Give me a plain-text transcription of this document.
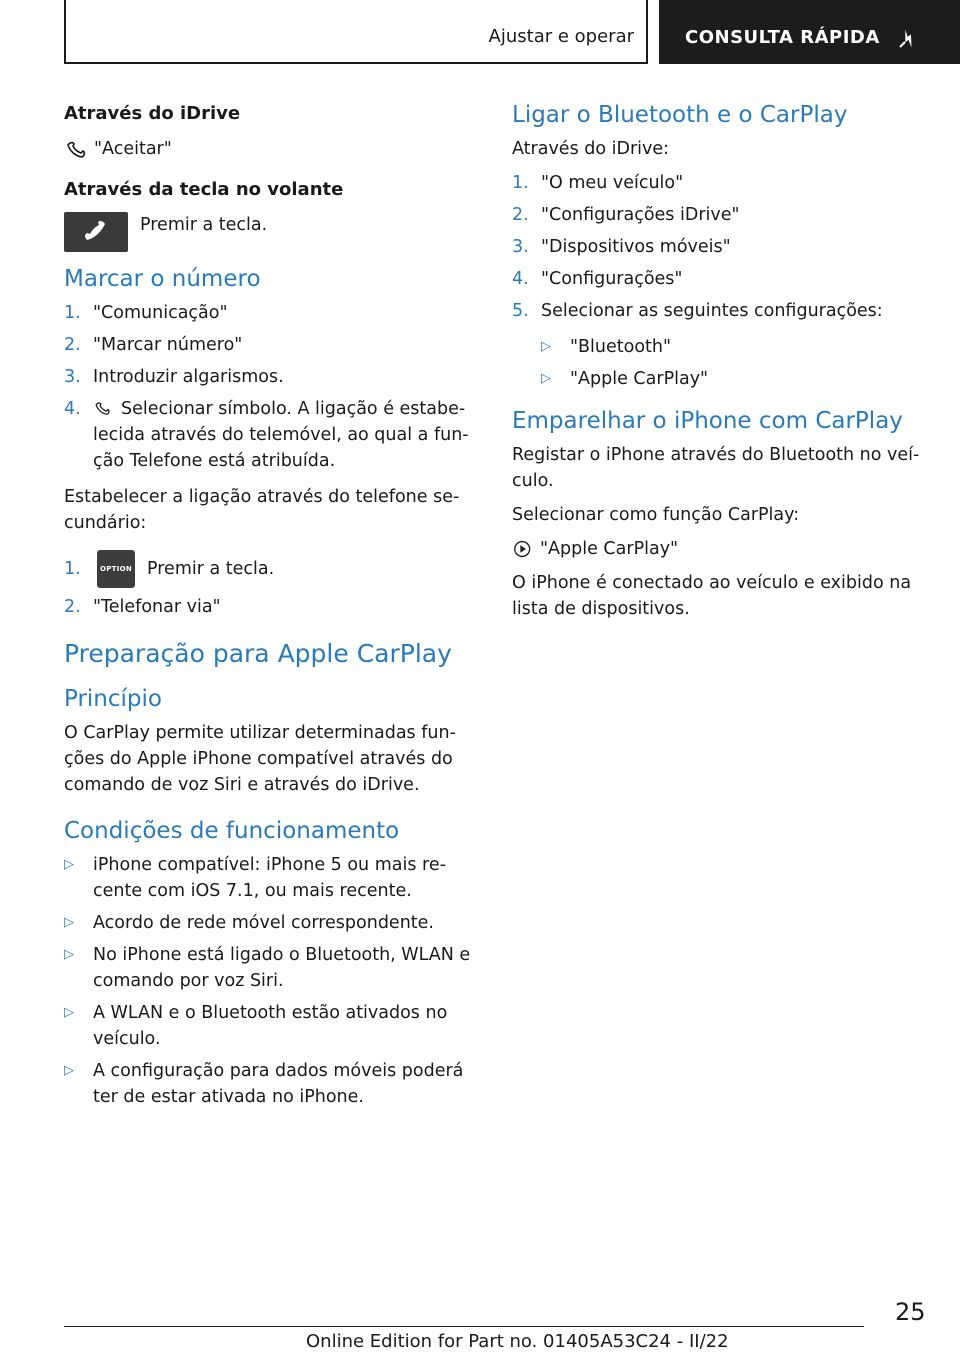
Ajustar e operar	CONSULTA RÁPIDA
Através do iDrive
"Aceitar"
Através da tecla no volante
Premir a tecla.
Marcar o número
1. "Comunicação"
2. "Marcar número"
3. Introduzir algarismos.
4.	Selecionar símbolo. A ligação é estabe- lecida através do telemóvel, ao qual a fun- ção Telefone está atribuída.

Estabelecer a ligação através do telefone se- cundário:

1.	OPTION Premir a tecla.
2. "Telefonar via"
Preparação para Apple CarPlay
Princípio

O CarPlay permite utilizar determinadas fun- ções do Apple iPhone compatível através do comando de voz Siri e através do iDrive.

Condições de funcionamento
▷	iPhone compatível: iPhone 5 ou mais re- cente com iOS 7.1, ou mais recente.
▷	Acordo de rede móvel correspondente.
▷	No iPhone está ligado o Bluetooth, WLAN e comando por voz Siri.
▷	A WLAN e o Bluetooth estão ativados no veículo.
▷	A configuração para dados móveis poderá ter de estar ativada no iPhone.
Ligar o Bluetooth e o CarPlay

Através do iDrive:

1. "O meu veículo"
2. "Configurações iDrive"
3. "Dispositivos móveis"
4. "Configurações"
5. Selecionar as seguintes configurações:
▷	"Bluetooth"
▷	"Apple CarPlay"
Emparelhar o iPhone com CarPlay

Registar o iPhone através do Bluetooth no veí- culo.

Selecionar como função CarPlay:

"Apple CarPlay"

O iPhone é conectado ao veículo e exibido na lista de dispositivos.

25
Online Edition for Part no. 01405A53C24 - II/22
